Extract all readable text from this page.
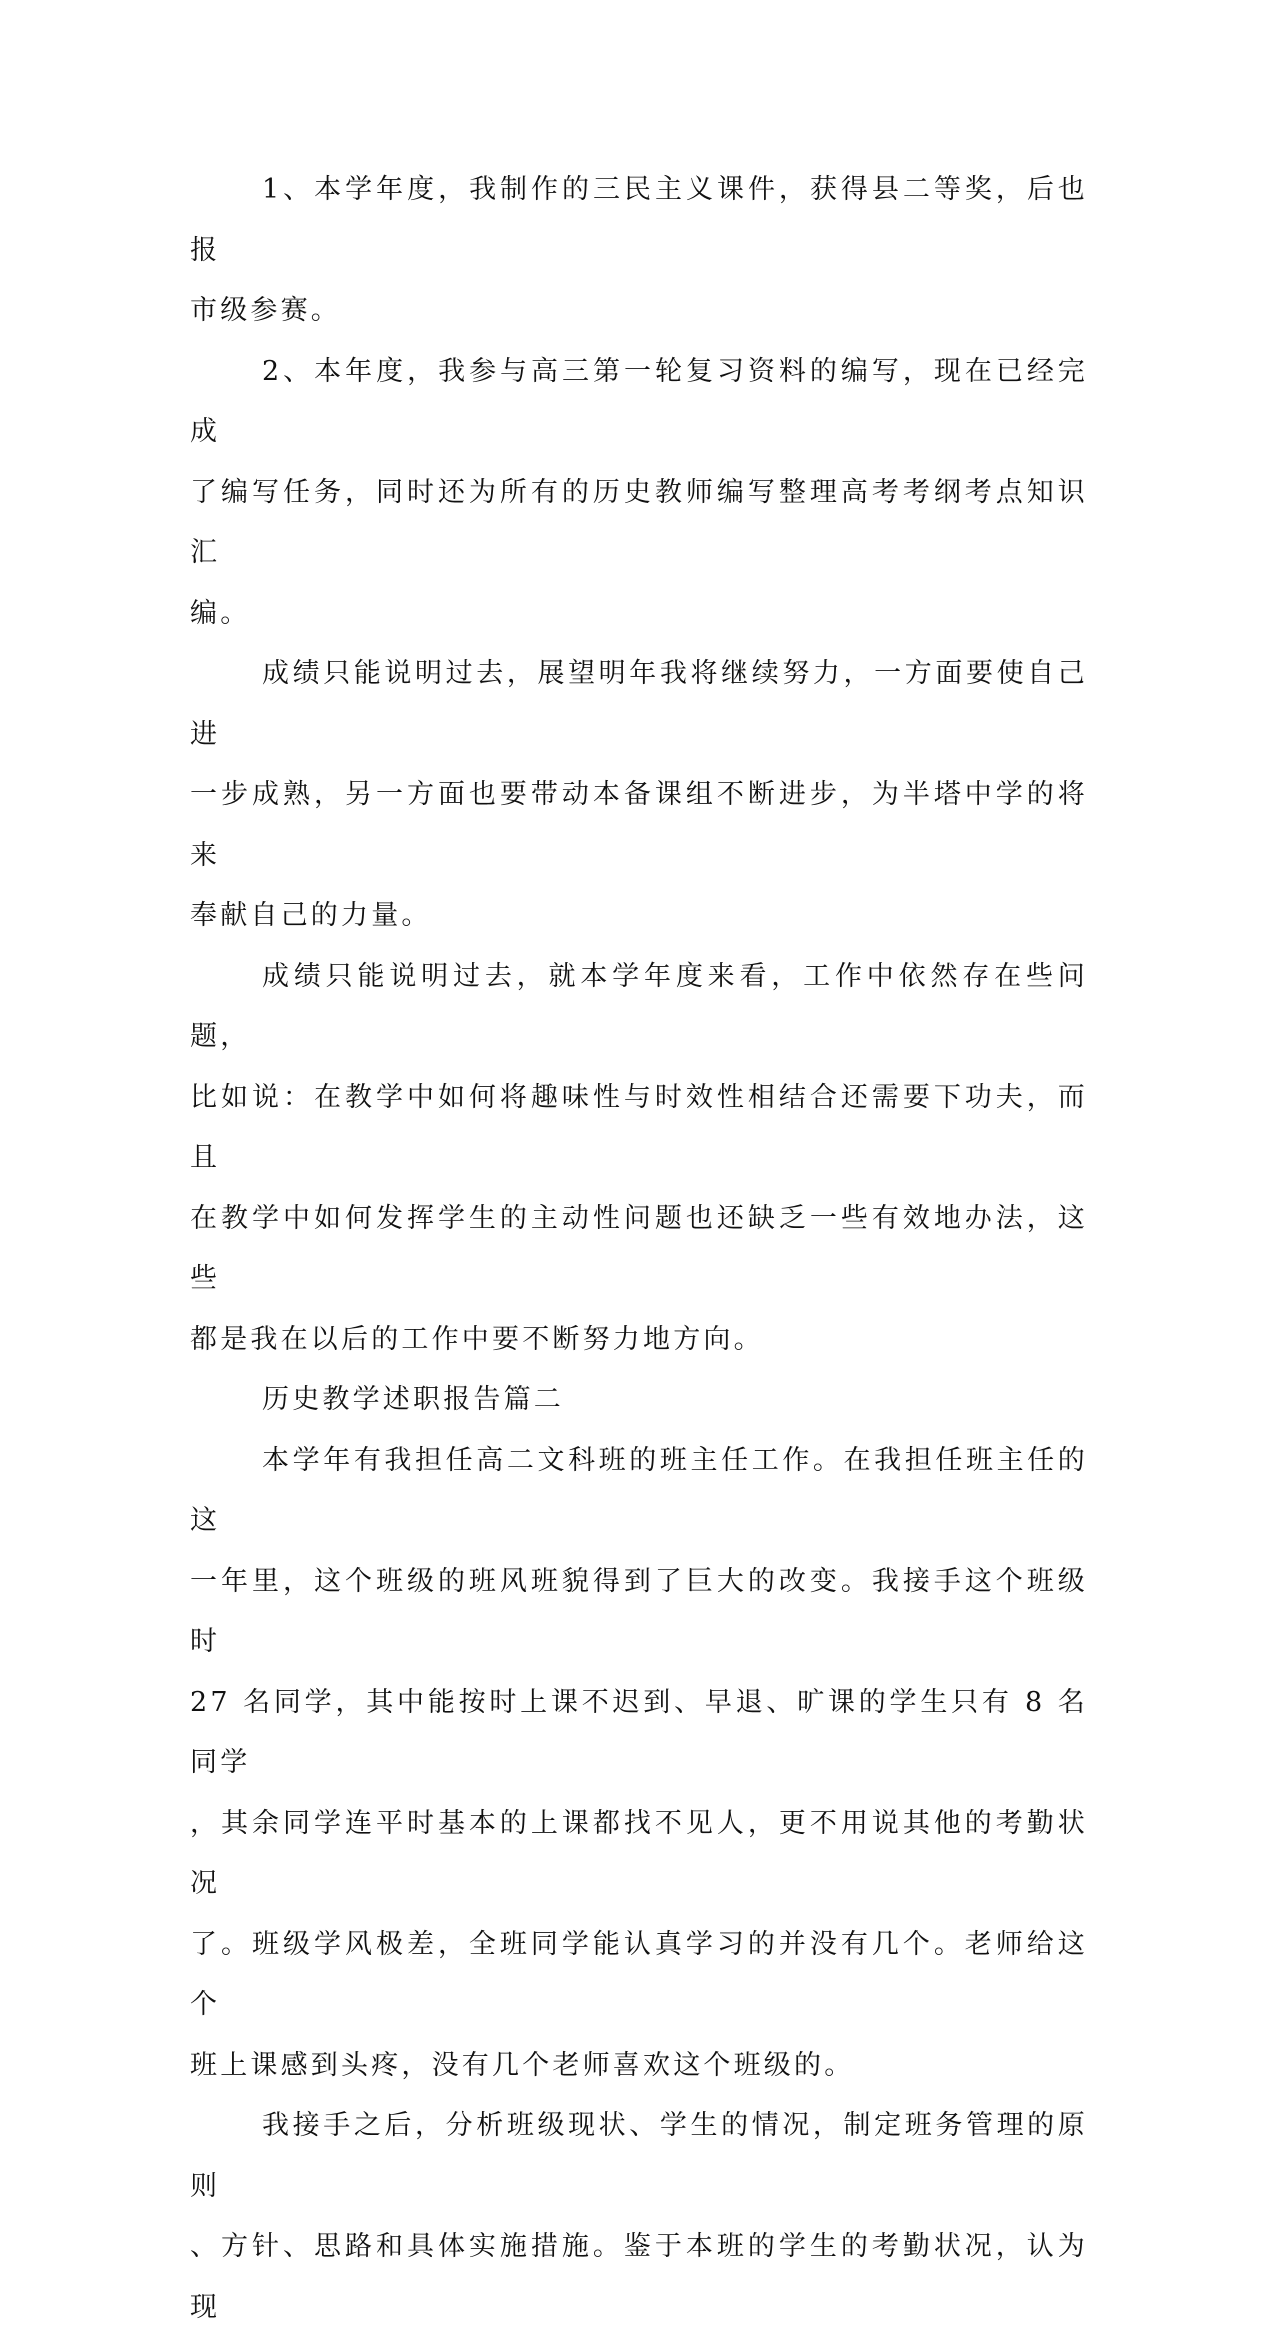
1、本学年度，我制作的三民主义课件，获得县二等奖，后也报
市级参赛。

2、本年度，我参与高三第一轮复习资料的编写，现在已经完成
了编写任务，同时还为所有的历史教师编写整理高考考纲考点知识汇
编。

成绩只能说明过去，展望明年我将继续努力，一方面要使自己进
一步成熟，另一方面也要带动本备课组不断进步，为半塔中学的将来
奉献自己的力量。

成绩只能说明过去，就本学年度来看，工作中依然存在些问题，
比如说：在教学中如何将趣味性与时效性相结合还需要下功夫，而且
在教学中如何发挥学生的主动性问题也还缺乏一些有效地办法，这些
都是我在以后的工作中要不断努力地方向。

历史教学述职报告篇二

本学年有我担任高二文科班的班主任工作。在我担任班主任的这
一年里，这个班级的班风班貌得到了巨大的改变。我接手这个班级时
27 名同学，其中能按时上课不迟到、早退、旷课的学生只有 8 名同学
，其余同学连平时基本的上课都找不见人，更不用说其他的考勤状况
了。班级学风极差，全班同学能认真学习的并没有几个。老师给这个
班上课感到头疼，没有几个老师喜欢这个班级的。

我接手之后，分析班级现状、学生的情况，制定班务管理的原则
、方针、思路和具体实施措施。鉴于本班的学生的考勤状况，认为现
